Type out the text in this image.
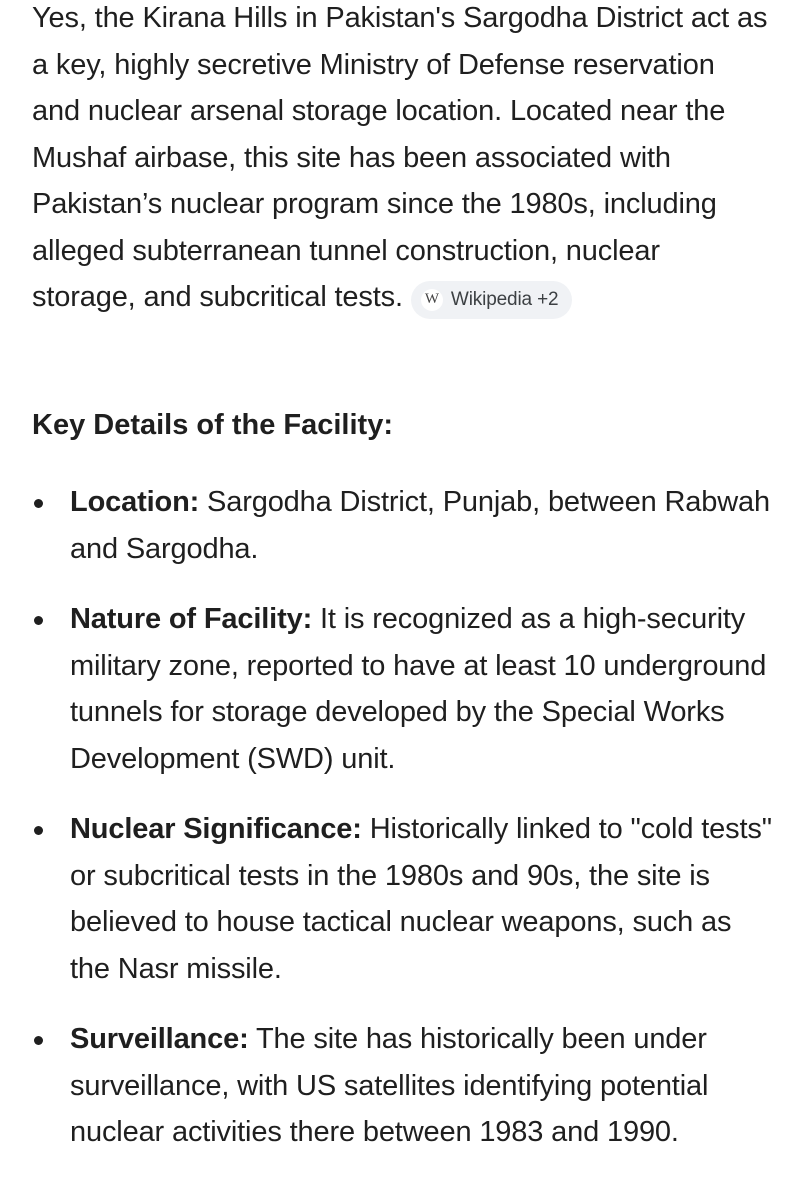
Yes, the Kirana Hills in Pakistan's Sargodha District act as a key, highly secretive Ministry of Defense reservation and nuclear arsenal storage location. Located near the Mushaf airbase, this site has been associated with Pakistan’s nuclear program since the 1980s, including alleged subterranean tunnel construction, nuclear storage, and subcritical tests. W Wikipedia +2

Key Details of the Facility:
Location: Sargodha District, Punjab, between Rabwah and Sargodha.
Nature of Facility: It is recognized as a high-security military zone, reported to have at least 10 underground tunnels for storage developed by the Special Works Development (SWD) unit.
Nuclear Significance: Historically linked to "cold tests" or subcritical tests in the 1980s and 90s, the site is believed to house tactical nuclear weapons, such as the Nasr missile.
Surveillance: The site has historically been under surveillance, with US satellites identifying potential nuclear activities there between 1983 and 1990.
